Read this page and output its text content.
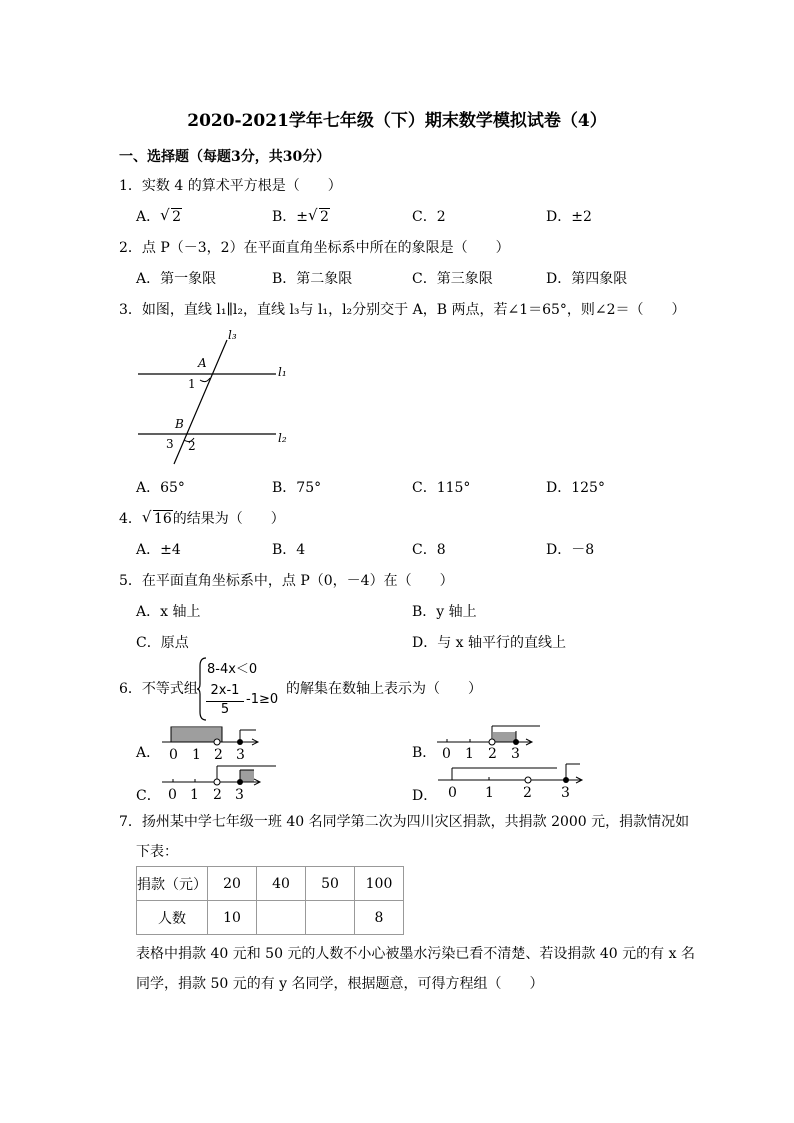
2020-2021学年七年级（下）期末数学模拟试卷（4）
一、选择题（每题3分，共30分）
1．实数 4 的算术平方根是（　　）
A． √ 2	B．± √ 2	C．2	D．±2
2．点 P（－3，2）在平面直角坐标系中所在的象限是（　　）
A．第一象限	B．第二象限	C．第三象限	D．第四象限
3．如图，直线 l₁∥l₂，直线 l₃与 l₁，l₂分别交于 A，B 两点，若∠1＝65°，则∠2＝（　　）
l₃
l₁
l₂
A
B
1
2
3
A．65°	B．75°	C．115°	D．125°
4． √ 16的结果为（　　）
A．±4	B．4	C．8	D．－8
5．在平面直角坐标系中，点 P（0，－4）在（　　）
A．x 轴上	B．y 轴上
C．原点	D．与 x 轴平行的直线上
6．不等式组
8-4x＜0
2x-1
5
-1≥0
的解集在数轴上表示为（　　）
A． 0 1 2 3	B． 0 1 2 3
C． 0 1 2 3	D． 0 1 2 3
7．扬州某中学七年级一班 40 名同学第二次为四川灾区捐款，共捐款 2000 元，捐款情况如
下表：
捐款（元）	20	40	50	100
人数	10			8
表格中捐款 40 元和 50 元的人数不小心被墨水污染已看不清楚、若设捐款 40 元的有 x 名
同学，捐款 50 元的有 y 名同学，根据题意，可得方程组（　　）
